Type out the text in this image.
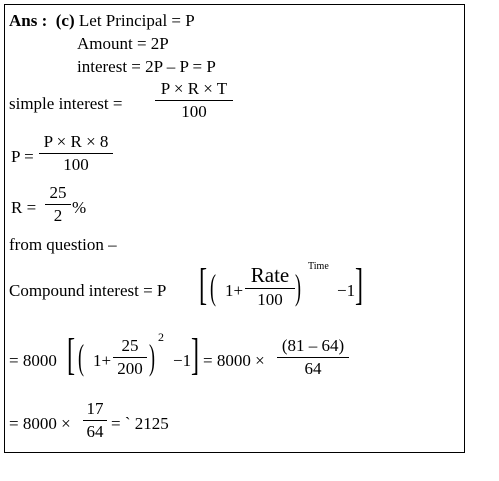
Ans : (c) Let Principal = P
Amount = 2P
interest = 2P – P = P
simple interest =
P × R × T
100
P =
P × R × 8
100
R =
25
2 %
from question –
Compound interest = P [ ( 1+
Rate
100 )
Time
−1 ]
= 8000 [ ( 1+
25
200 ) 2
−1 ] = 8000 ×
(81 – 64)
64
= 8000 ×
17
64 = ` 2125
